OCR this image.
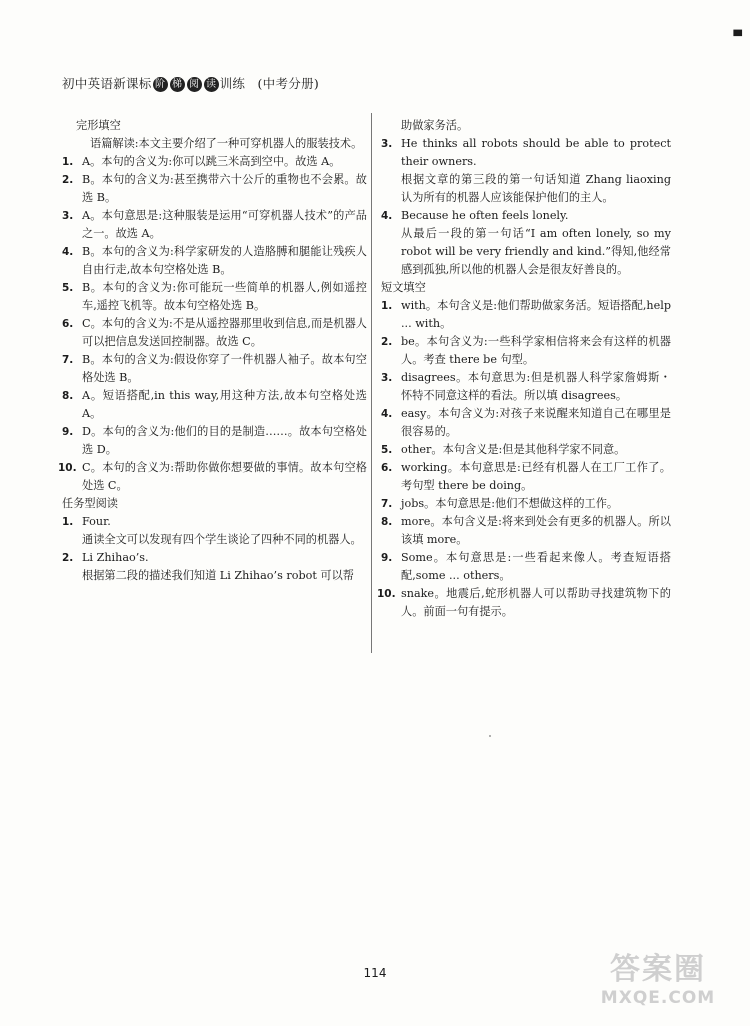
▀
初中英语新课标 阶 梯 阅 读 训练 (中考分册)
完形填空
语篇解读:本文主要介绍了一种可穿机器人的服装技术。
1. A。本句的含义为:你可以跳三米高到空中。故选 A。
2. B。本句的含义为:甚至携带六十公斤的重物也不会累。故选 B。
3. A。本句意思是:这种服装是运用“可穿机器人技术”的产品之一。故选 A。
4. B。本句的含义为:科学家研发的人造胳膊和腿能让残疾人自由行走,故本句空格处选 B。
5. B。本句的含义为:你可能玩一些简单的机器人,例如遥控车,遥控飞机等。故本句空格处选 B。
6. C。本句的含义为:不是从遥控器那里收到信息,而是机器人可以把信息发送回控制器。故选 C。
7. B。本句的含义为:假设你穿了一件机器人袖子。故本句空格处选 B。
8. A。短语搭配,in this way,用这种方法,故本句空格处选 A。
9. D。本句的含义为:他们的目的是制造……。故本句空格处选 D。
10. C。本句的含义为:帮助你做你想要做的事情。故本句空格处选 C。
任务型阅读
1. Four.
通读全文可以发现有四个学生谈论了四种不同的机器人。
2. Li Zhihao’s.
根据第二段的描述我们知道 Li Zhihao’s robot 可以帮
助做家务活。
3. He thinks all robots should be able to protect their owners.
根据文章的第三段的第一句话知道 Zhang liaoxing 认为所有的机器人应该能保护他们的主人。
4. Because he often feels lonely.
从最后一段的第一句话“I am often lonely, so my robot will be very friendly and kind.”得知,他经常感到孤独,所以他的机器人会是很友好善良的。
短文填空
1. with。本句含义是:他们帮助做家务活。短语搭配,help ... with。
2. be。本句含义为:一些科学家相信将来会有这样的机器人。考查 there be 句型。
3. disagrees。本句意思为:但是机器人科学家詹姆斯・怀特不同意这样的看法。所以填 disagrees。
4. easy。本句含义为:对孩子来说醒来知道自己在哪里是很容易的。
5. other。本句含义是:但是其他科学家不同意。
6. working。本句意思是:已经有机器人在工厂工作了。考句型 there be doing。
7. jobs。本句意思是:他们不想做这样的工作。
8. more。本句含义是:将来到处会有更多的机器人。所以该填 more。
9. Some。本句意思是:一些看起来像人。考查短语搭配,some ... others。
10. snake。地震后,蛇形机器人可以帮助寻找建筑物下的人。前面一句有提示。
114	答案圈
MXQE.COM
